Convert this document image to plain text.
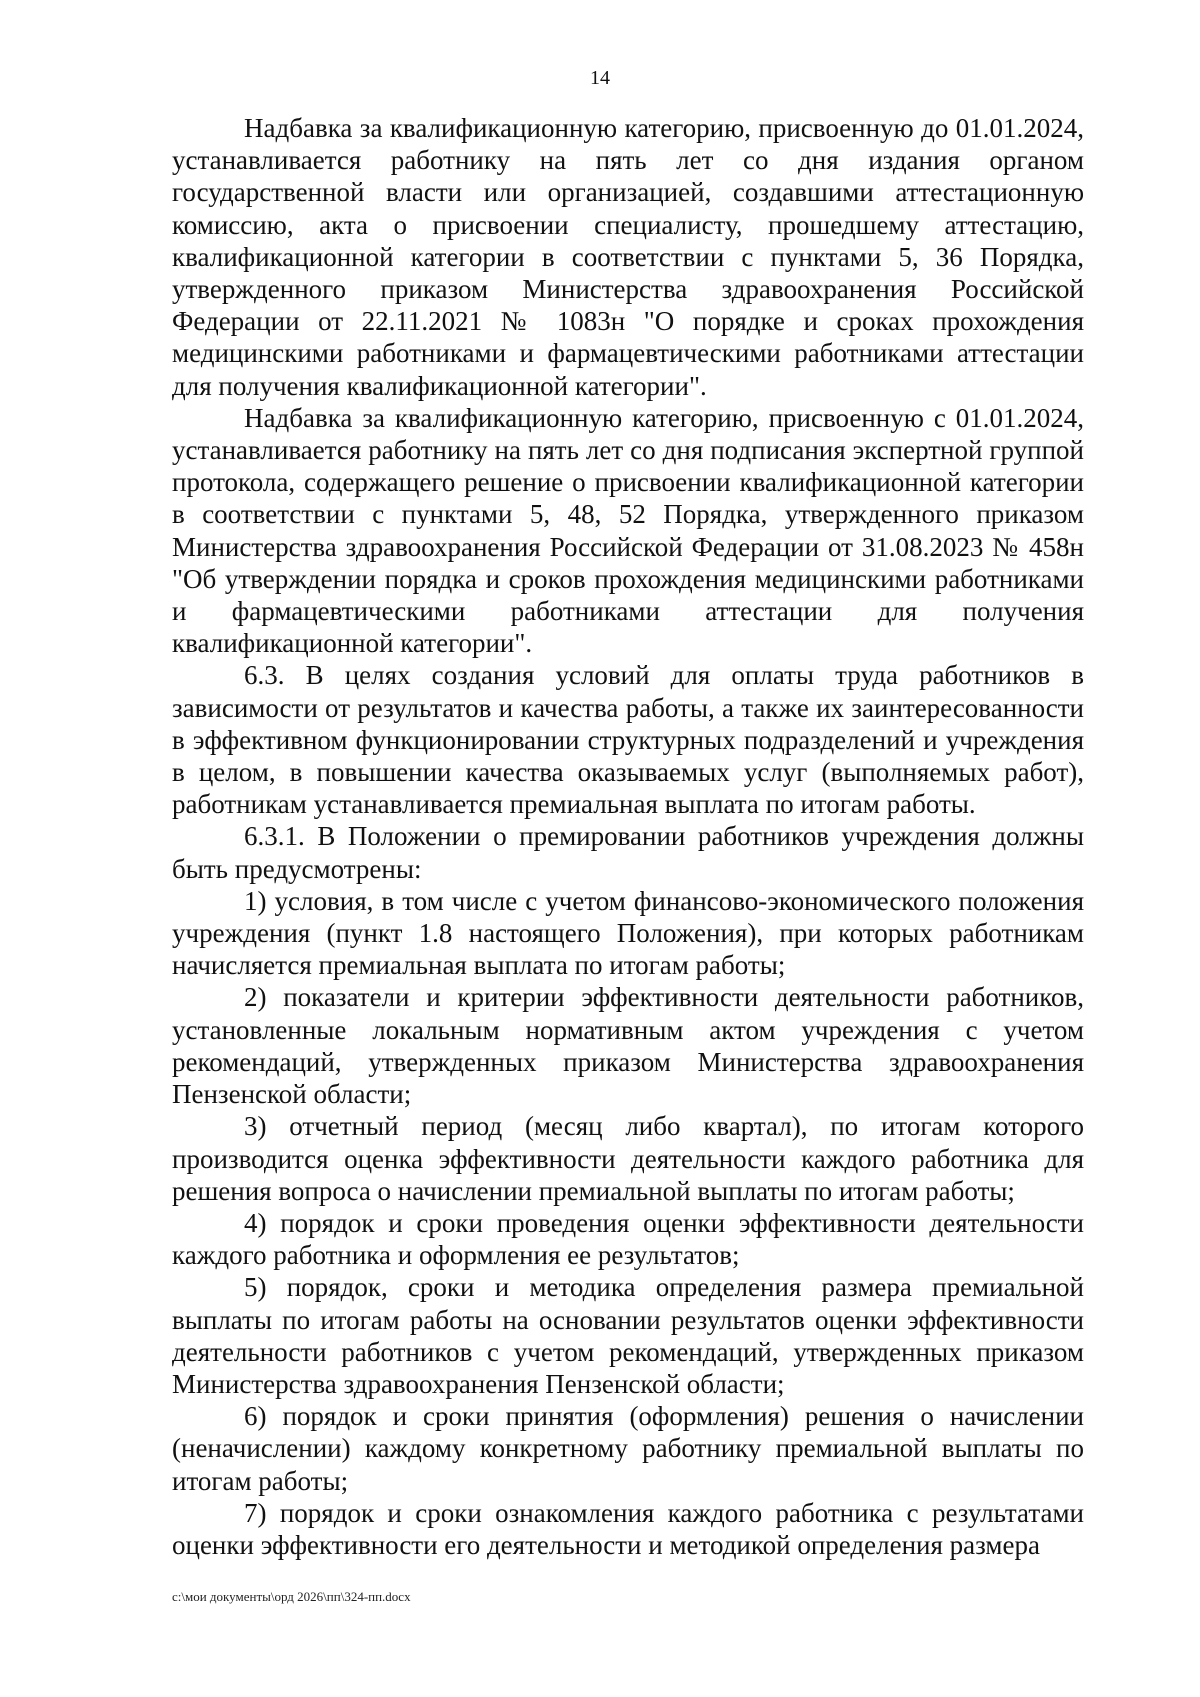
14

Надбавка за квалификационную категорию, присвоенную до 01.01.2024, устанавливается работнику на пять лет со дня издания органом государственной власти или организацией, создавшими аттестационную комиссию, акта о присвоении специалисту, прошедшему аттестацию, квалификационной категории в соответствии с пунктами 5, 36 Порядка, утвержденного приказом Министерства здравоохранения Российской Федерации от 22.11.2021 № 1083н "О порядке и сроках прохождения медицинскими работниками и фармацевтическими работниками аттестации для получения квалификационной категории".

Надбавка за квалификационную категорию, присвоенную с 01.01.2024, устанавливается работнику на пять лет со дня подписания экспертной группой протокола, содержащего решение о присвоении квалификационной категории в соответствии с пунктами 5, 48, 52 Порядка, утвержденного приказом Министерства здравоохранения Российской Федерации от 31.08.2023 № 458н "Об утверждении порядка и сроков прохождения медицинскими работниками и фармацевтическими работниками аттестации для получения квалификационной категории".

6.3. В целях создания условий для оплаты труда работников в зависимости от результатов и качества работы, а также их заинтересованности в эффективном функционировании структурных подразделений и учреждения в целом, в повышении качества оказываемых услуг (выполняемых работ), работникам устанавливается премиальная выплата по итогам работы.

6.3.1. В Положении о премировании работников учреждения должны быть предусмотрены:

1) условия, в том числе с учетом финансово-экономического положения учреждения (пункт 1.8 настоящего Положения), при которых работникам начисляется премиальная выплата по итогам работы;

2) показатели и критерии эффективности деятельности работников, установленные локальным нормативным актом учреждения с учетом рекомендаций, утвержденных приказом Министерства здравоохранения Пензенской области;

3) отчетный период (месяц либо квартал), по итогам которого производится оценка эффективности деятельности каждого работника для решения вопроса о начислении премиальной выплаты по итогам работы;

4) порядок и сроки проведения оценки эффективности деятельности каждого работника и оформления ее результатов;

5) порядок, сроки и методика определения размера премиальной выплаты по итогам работы на основании результатов оценки эффективности деятельности работников с учетом рекомендаций, утвержденных приказом Министерства здравоохранения Пензенской области;

6) порядок и сроки принятия (оформления) решения о начислении (неначислении) каждому конкретному работнику премиальной выплаты по итогам работы;

7) порядок и сроки ознакомления каждого работника с результатами оценки эффективности его деятельности и методикой определения размера

c:\мои документы\орд 2026\пп\324-пп.docx
